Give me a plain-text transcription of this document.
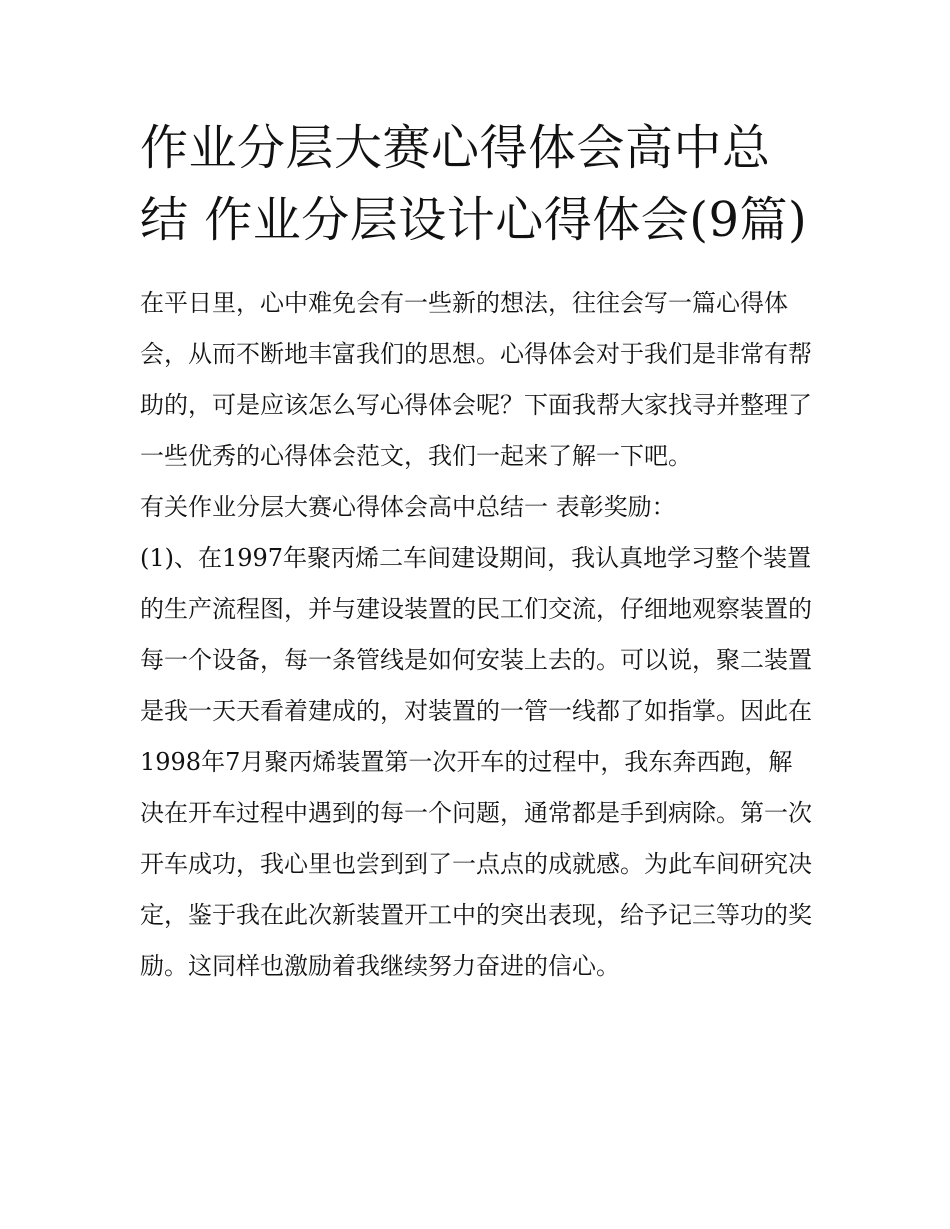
作业分层大赛心得体会高中总结 作业分层设计心得体会(9篇)

在平日里，心中难免会有一些新的想法，往往会写一篇心得体会，从而不断地丰富我们的思想。心得体会对于我们是非常有帮助的，可是应该怎么写心得体会呢？下面我帮大家找寻并整理了一些优秀的心得体会范文，我们一起来了解一下吧。

有关作业分层大赛心得体会高中总结一 表彰奖励：

(1)、在1997年聚丙烯二车间建设期间，我认真地学习整个装置的生产流程图，并与建设装置的民工们交流，仔细地观察装置的每一个设备，每一条管线是如何安装上去的。可以说，聚二装置是我一天天看着建成的，对装置的一管一线都了如指掌。因此在1998年7月聚丙烯装置第一次开车的过程中，我东奔西跑，解决在开车过程中遇到的每一个问题，通常都是手到病除。第一次开车成功，我心里也尝到到了一点点的成就感。为此车间研究决定，鉴于我在此次新装置开工中的突出表现，给予记三等功的奖励。这同样也激励着我继续努力奋进的信心。
